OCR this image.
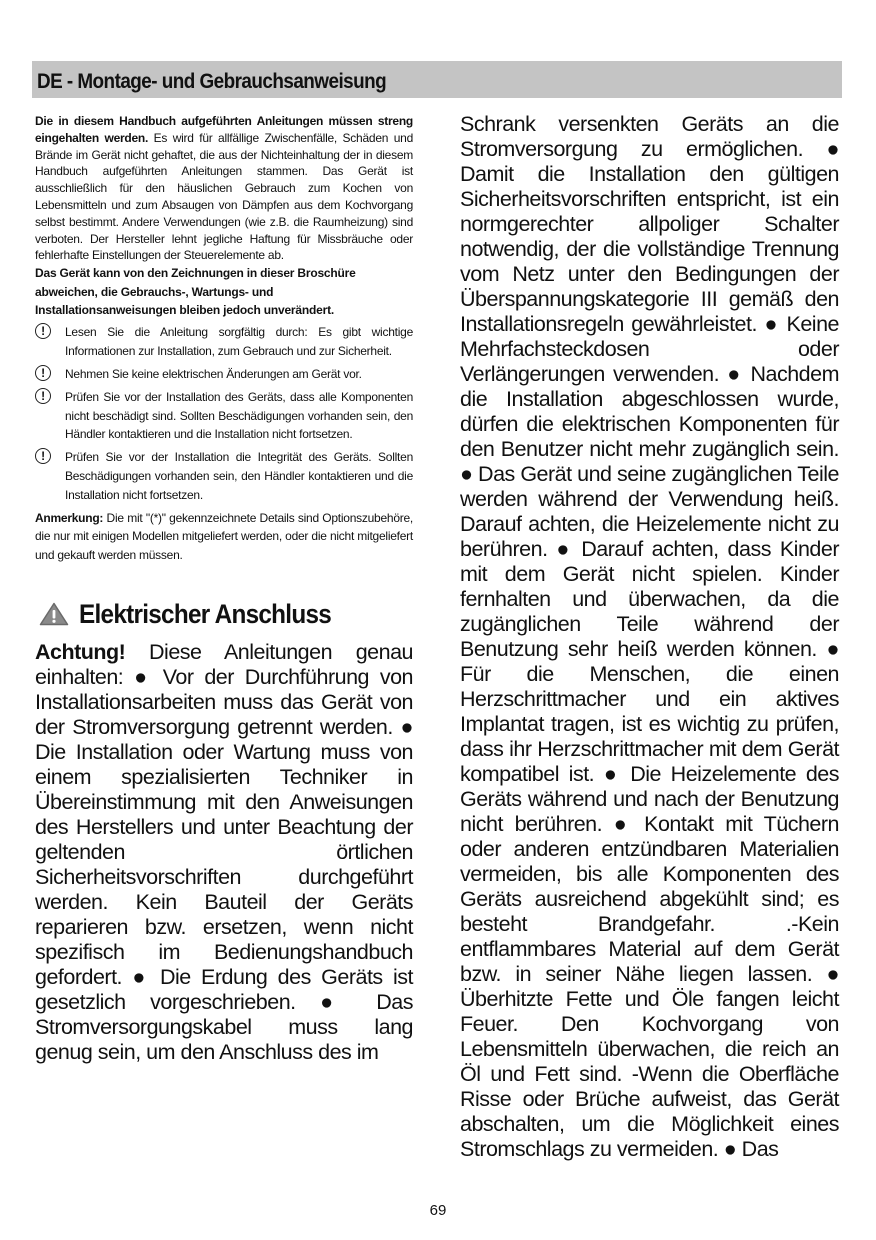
DE - Montage- und Gebrauchsanweisung

Die in diesem Handbuch aufgeführten Anleitungen müssen streng eingehalten werden. Es wird für allfällige Zwischenfälle, Schäden und Brände im Gerät nicht gehaftet, die aus der Nichteinhaltung der in diesem Handbuch aufgeführten Anleitungen stammen. Das Gerät ist ausschließlich für den häuslichen Gebrauch zum Kochen von Lebensmitteln und zum Absaugen von Dämpfen aus dem Kochvorgang selbst bestimmt. Andere Verwendungen (wie z.B. die Raumheizung) sind verboten. Der Hersteller lehnt jegliche Haftung für Missbräuche oder fehlerhafte Einstellungen der Steuerelemente ab.

Das Gerät kann von den Zeichnungen in dieser Broschüre abweichen, die Gebrauchs-, Wartungs- und Installationsanweisungen bleiben jedoch unverändert.

!	Lesen Sie die Anleitung sorgfältig durch: Es gibt wichtige Informationen zur Installation, zum Gebrauch und zur Sicherheit.
!	Nehmen Sie keine elektrischen Änderungen am Gerät vor.
!	Prüfen Sie vor der Installation des Geräts, dass alle Komponenten nicht beschädigt sind. Sollten Beschädigungen vorhanden sein, den Händler kontaktieren und die Installation nicht fortsetzen.
!	Prüfen Sie vor der Installation die Integrität des Geräts. Sollten Beschädigungen vorhanden sein, den Händler kontaktieren und die Installation nicht fortsetzen.

Anmerkung: Die mit "(*)" gekennzeichnete Details sind Optionszubehöre, die nur mit einigen Modellen mitgeliefert werden, oder die nicht mitgeliefert und gekauft werden müssen.

Elektrischer Anschluss

Achtung! Diese Anleitungen genau einhalten: ● Vor der Durchführung von Installationsarbeiten muss das Gerät von der Stromversorgung getrennt werden. ● Die Installation oder Wartung muss von einem spezialisierten Techniker in Übereinstimmung mit den Anweisungen des Herstellers und unter Beachtung der geltenden örtlichen Sicherheitsvorschriften durchgeführt werden. Kein Bauteil der Geräts reparieren bzw. ersetzen, wenn nicht spezifisch im Bedienungshandbuch gefordert. ● Die Erdung des Geräts ist gesetzlich vorgeschrieben. ● Das Stromversorgungskabel muss lang genug sein, um den Anschluss des im

Schrank versenkten Geräts an die Stromversorgung zu ermöglichen. ● Damit die Installation den gültigen Sicherheitsvorschriften entspricht, ist ein normgerechter allpoliger Schalter notwendig, der die vollständige Trennung vom Netz unter den Bedingungen der Überspannungskategorie III gemäß den Installationsregeln gewährleistet. ● Keine Mehrfachsteckdosen oder Verlängerungen verwenden. ● Nachdem die Installation abgeschlossen wurde, dürfen die elektrischen Komponenten für den Benutzer nicht mehr zugänglich sein. ● Das Gerät und seine zugänglichen Teile werden während der Verwendung heiß. Darauf achten, die Heizelemente nicht zu berühren. ● Darauf achten, dass Kinder mit dem Gerät nicht spielen. Kinder fernhalten und überwachen, da die zugänglichen Teile während der Benutzung sehr heiß werden können. ● Für die Menschen, die einen Herzschrittmacher und ein aktives Implantat tragen, ist es wichtig zu prüfen, dass ihr Herzschrittmacher mit dem Gerät kompatibel ist. ● Die Heizelemente des Geräts während und nach der Benutzung nicht berühren. ● Kontakt mit Tüchern oder anderen entzündbaren Materialien vermeiden, bis alle Komponenten des Geräts ausreichend abgekühlt sind; es besteht Brandgefahr. .-Kein entflammbares Material auf dem Gerät bzw. in seiner Nähe liegen lassen. ● Überhitzte Fette und Öle fangen leicht Feuer. Den Kochvorgang von Lebensmitteln überwachen, die reich an Öl und Fett sind. -Wenn die Oberfläche Risse oder Brüche aufweist, das Gerät abschalten, um die Möglichkeit eines Stromschlags zu vermeiden. ● Das

69
